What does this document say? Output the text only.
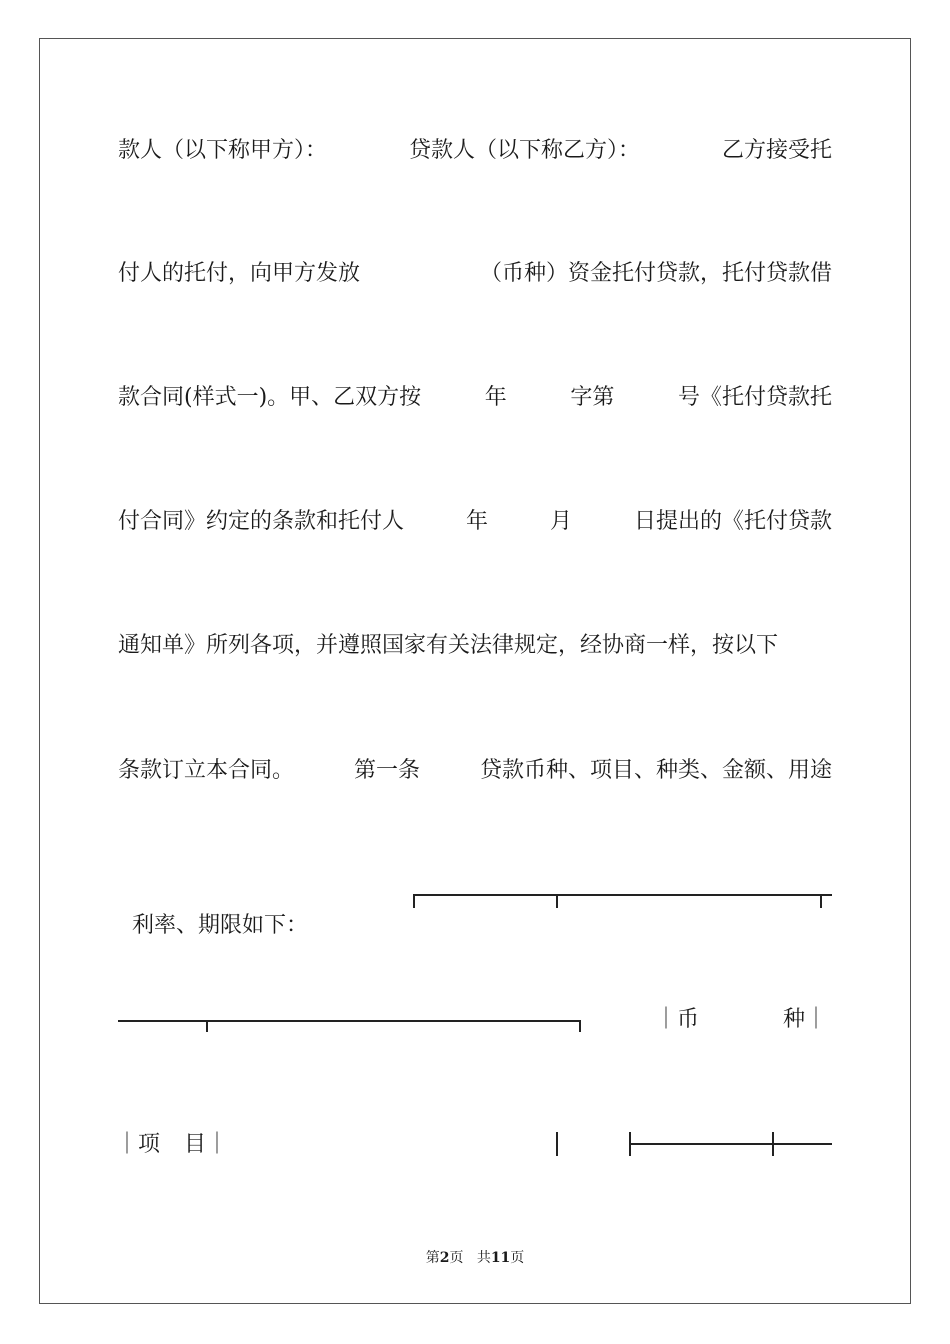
款人（以下称甲方）：	贷款人（以下称乙方）：	乙方接受托
付人的托付，向甲方发放	（币种）资金托付贷款，托付贷款借
款合同(样式一)。甲、乙双方按	年	字第	号《托付贷款托
付合同》约定的条款和托付人	年	月	日提出的《托付贷款
通知单》所列各项，并遵照国家有关法律规定，经协商一样，按以下
条款订立本合同。	第一条	贷款币种、项目、种类、金额、用途

利率、期限如下：

｜币	种｜
｜项 目｜
第2页 共11页
